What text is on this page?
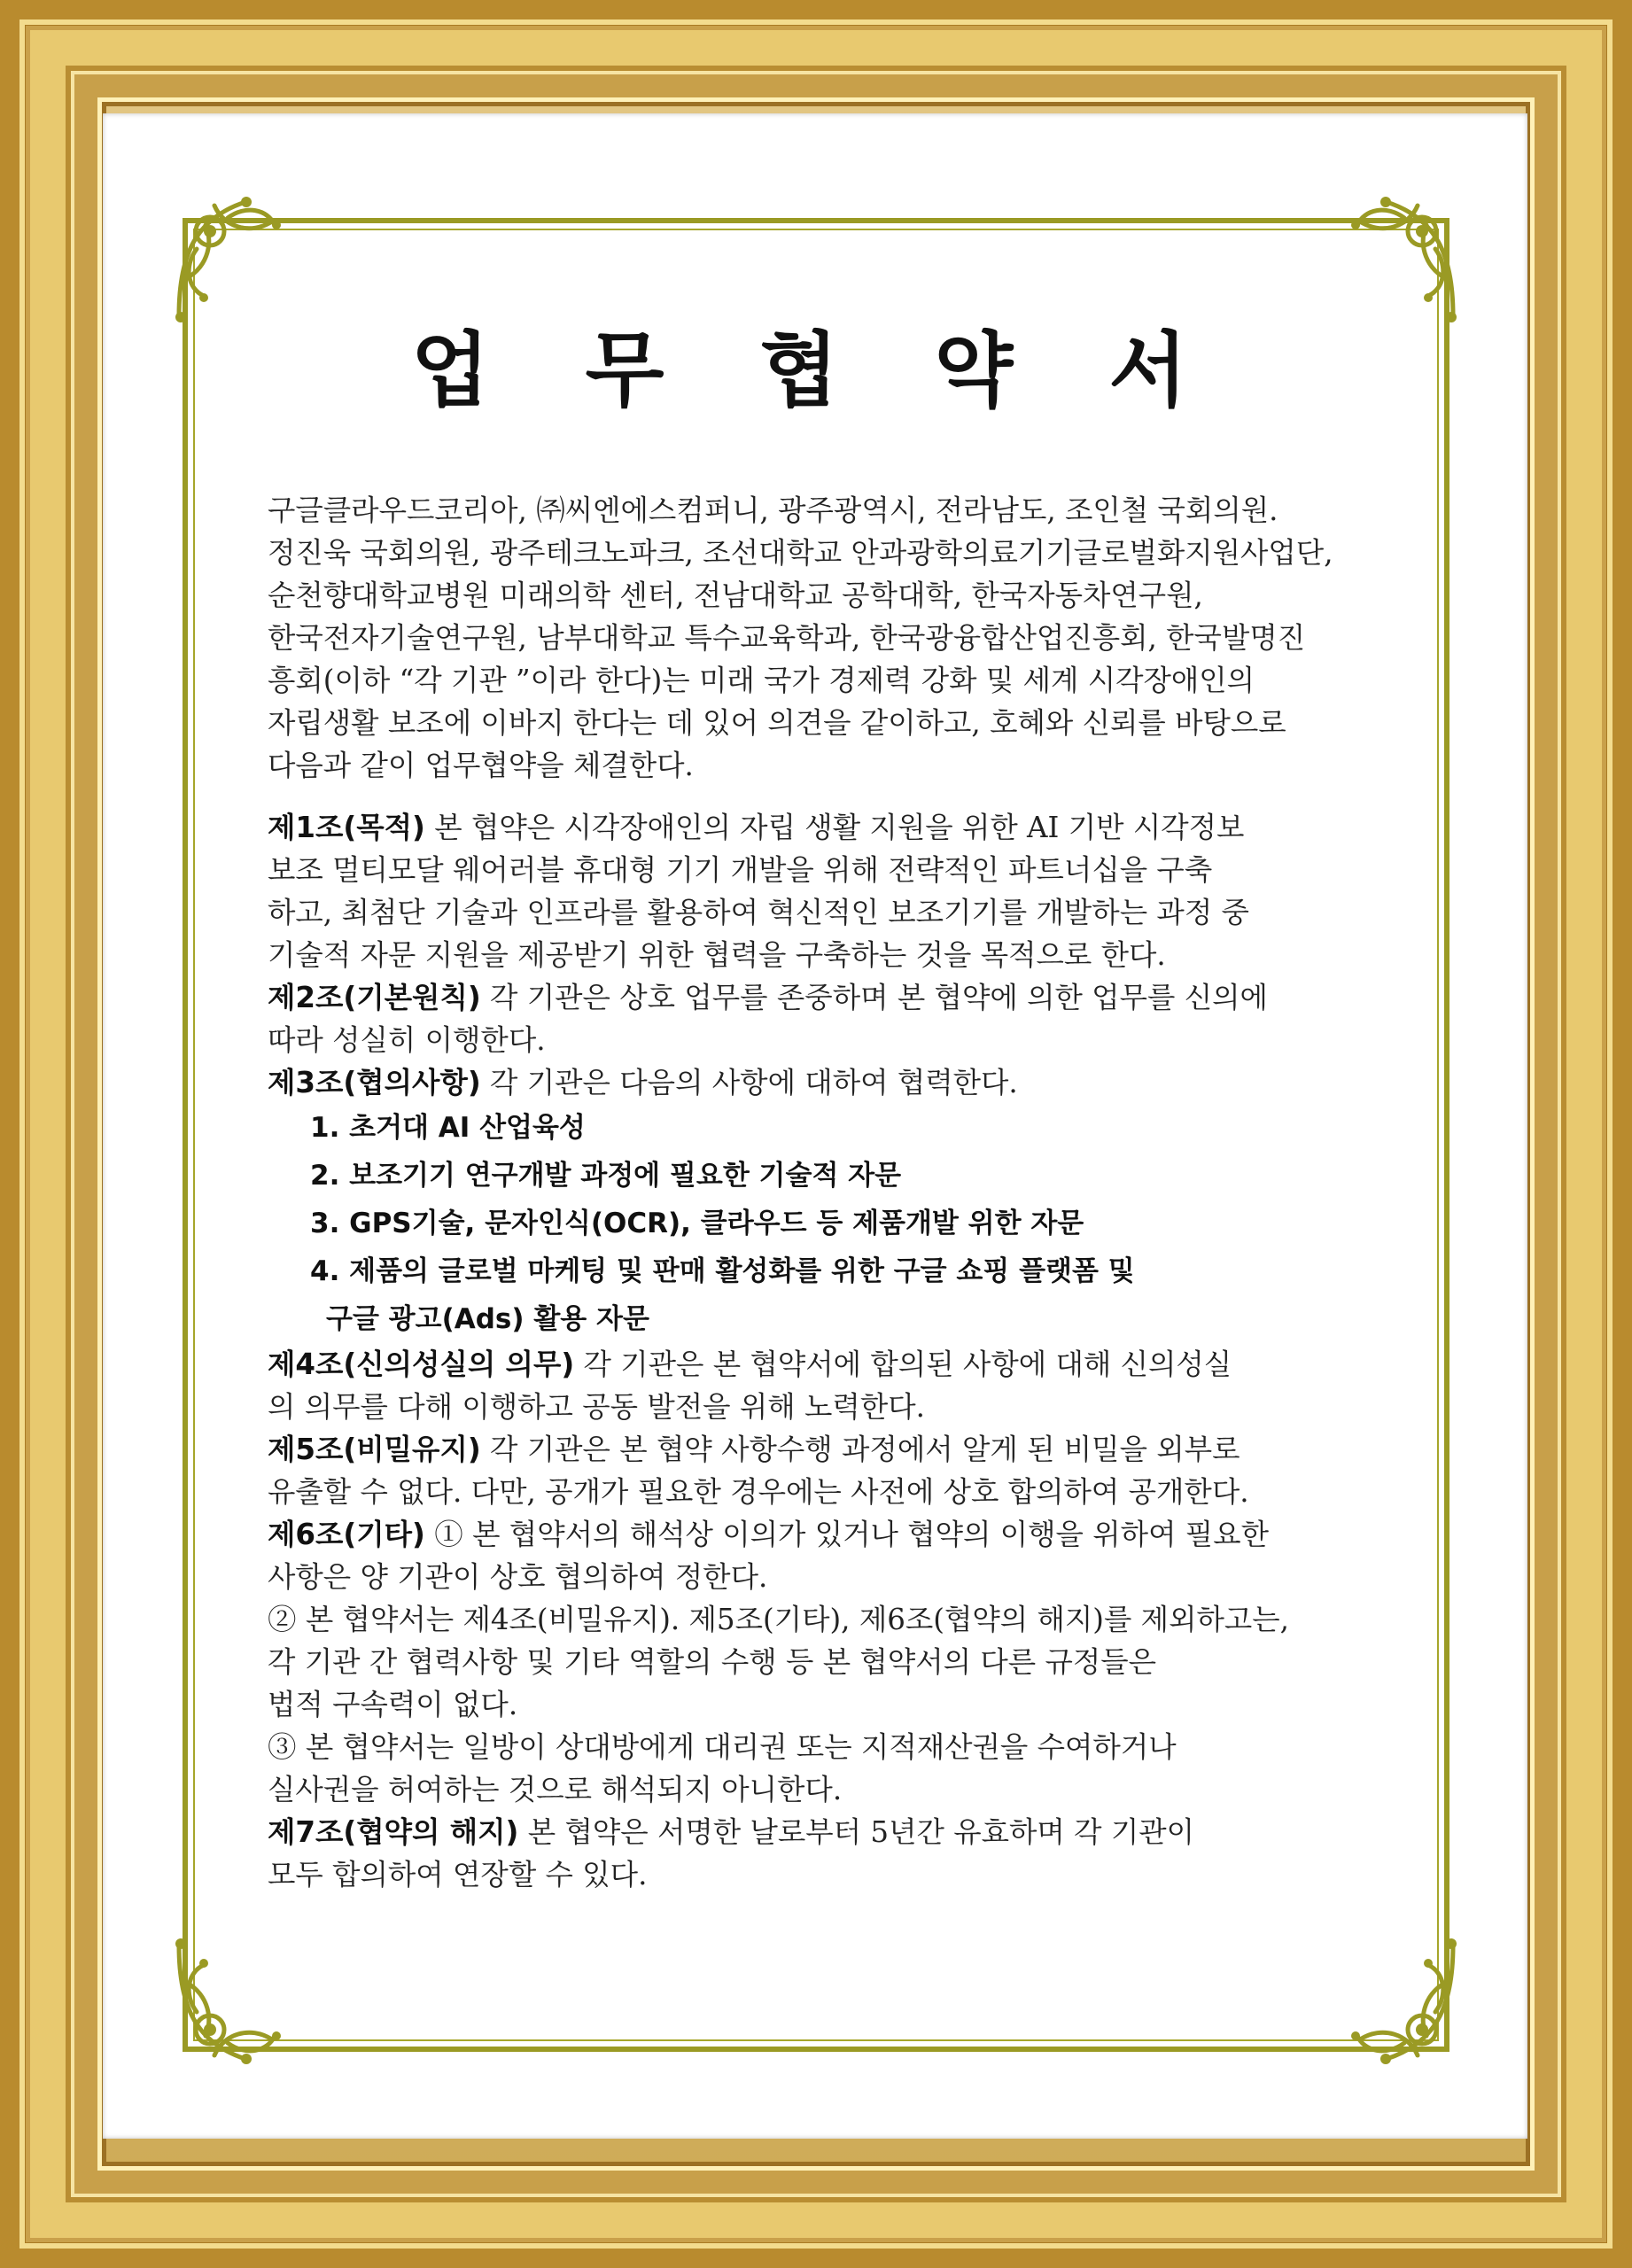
업 무 협 약 서

구글클라우드코리아, ㈜씨엔에스컴퍼니, 광주광역시, 전라남도, 조인철 국회의원.

정진욱 국회의원, 광주테크노파크, 조선대학교 안과광학의료기기글로벌화지원사업단,

순천향대학교병원 미래의학 센터, 전남대학교 공학대학, 한국자동차연구원,

한국전자기술연구원, 남부대학교 특수교육학과, 한국광융합산업진흥회, 한국발명진

흥회(이하 “각 기관 ”이라 한다)는 미래 국가 경제력 강화 및 세계 시각장애인의

자립생활 보조에 이바지 한다는 데 있어 의견을 같이하고, 호혜와 신뢰를 바탕으로

다음과 같이 업무협약을 체결한다.

제1조(목적) 본 협약은 시각장애인의 자립 생활 지원을 위한 AI 기반 시각정보

보조 멀티모달 웨어러블 휴대형 기기 개발을 위해 전략적인 파트너십을 구축

하고, 최첨단 기술과 인프라를 활용하여 혁신적인 보조기기를 개발하는 과정 중

기술적 자문 지원을 제공받기 위한 협력을 구축하는 것을 목적으로 한다.

제2조(기본원칙) 각 기관은 상호 업무를 존중하며 본 협약에 의한 업무를 신의에

따라 성실히 이행한다.

제3조(협의사항) 각 기관은 다음의 사항에 대하여 협력한다.

1. 초거대 AI 산업육성
2. 보조기기 연구개발 과정에 필요한 기술적 자문
3. GPS기술, 문자인식(OCR), 클라우드 등 제품개발 위한 자문
4. 제품의 글로벌 마케팅 및 판매 활성화를 위한 구글 쇼핑 플랫폼 및
구글 광고(Ads) 활용 자문

제4조(신의성실의 의무) 각 기관은 본 협약서에 합의된 사항에 대해 신의성실

의 의무를 다해 이행하고 공동 발전을 위해 노력한다.

제5조(비밀유지) 각 기관은 본 협약 사항수행 과정에서 알게 된 비밀을 외부로

유출할 수 없다. 다만, 공개가 필요한 경우에는 사전에 상호 합의하여 공개한다.

제6조(기타) ① 본 협약서의 해석상 이의가 있거나 협약의 이행을 위하여 필요한

사항은 양 기관이 상호 협의하여 정한다.

② 본 협약서는 제4조(비밀유지). 제5조(기타), 제6조(협약의 해지)를 제외하고는,

각 기관 간 협력사항 및 기타 역할의 수행 등 본 협약서의 다른 규정들은

법적 구속력이 없다.

③ 본 협약서는 일방이 상대방에게 대리권 또는 지적재산권을 수여하거나

실사권을 허여하는 것으로 해석되지 아니한다.

제7조(협약의 해지) 본 협약은 서명한 날로부터 5년간 유효하며 각 기관이

모두 합의하여 연장할 수 있다.
